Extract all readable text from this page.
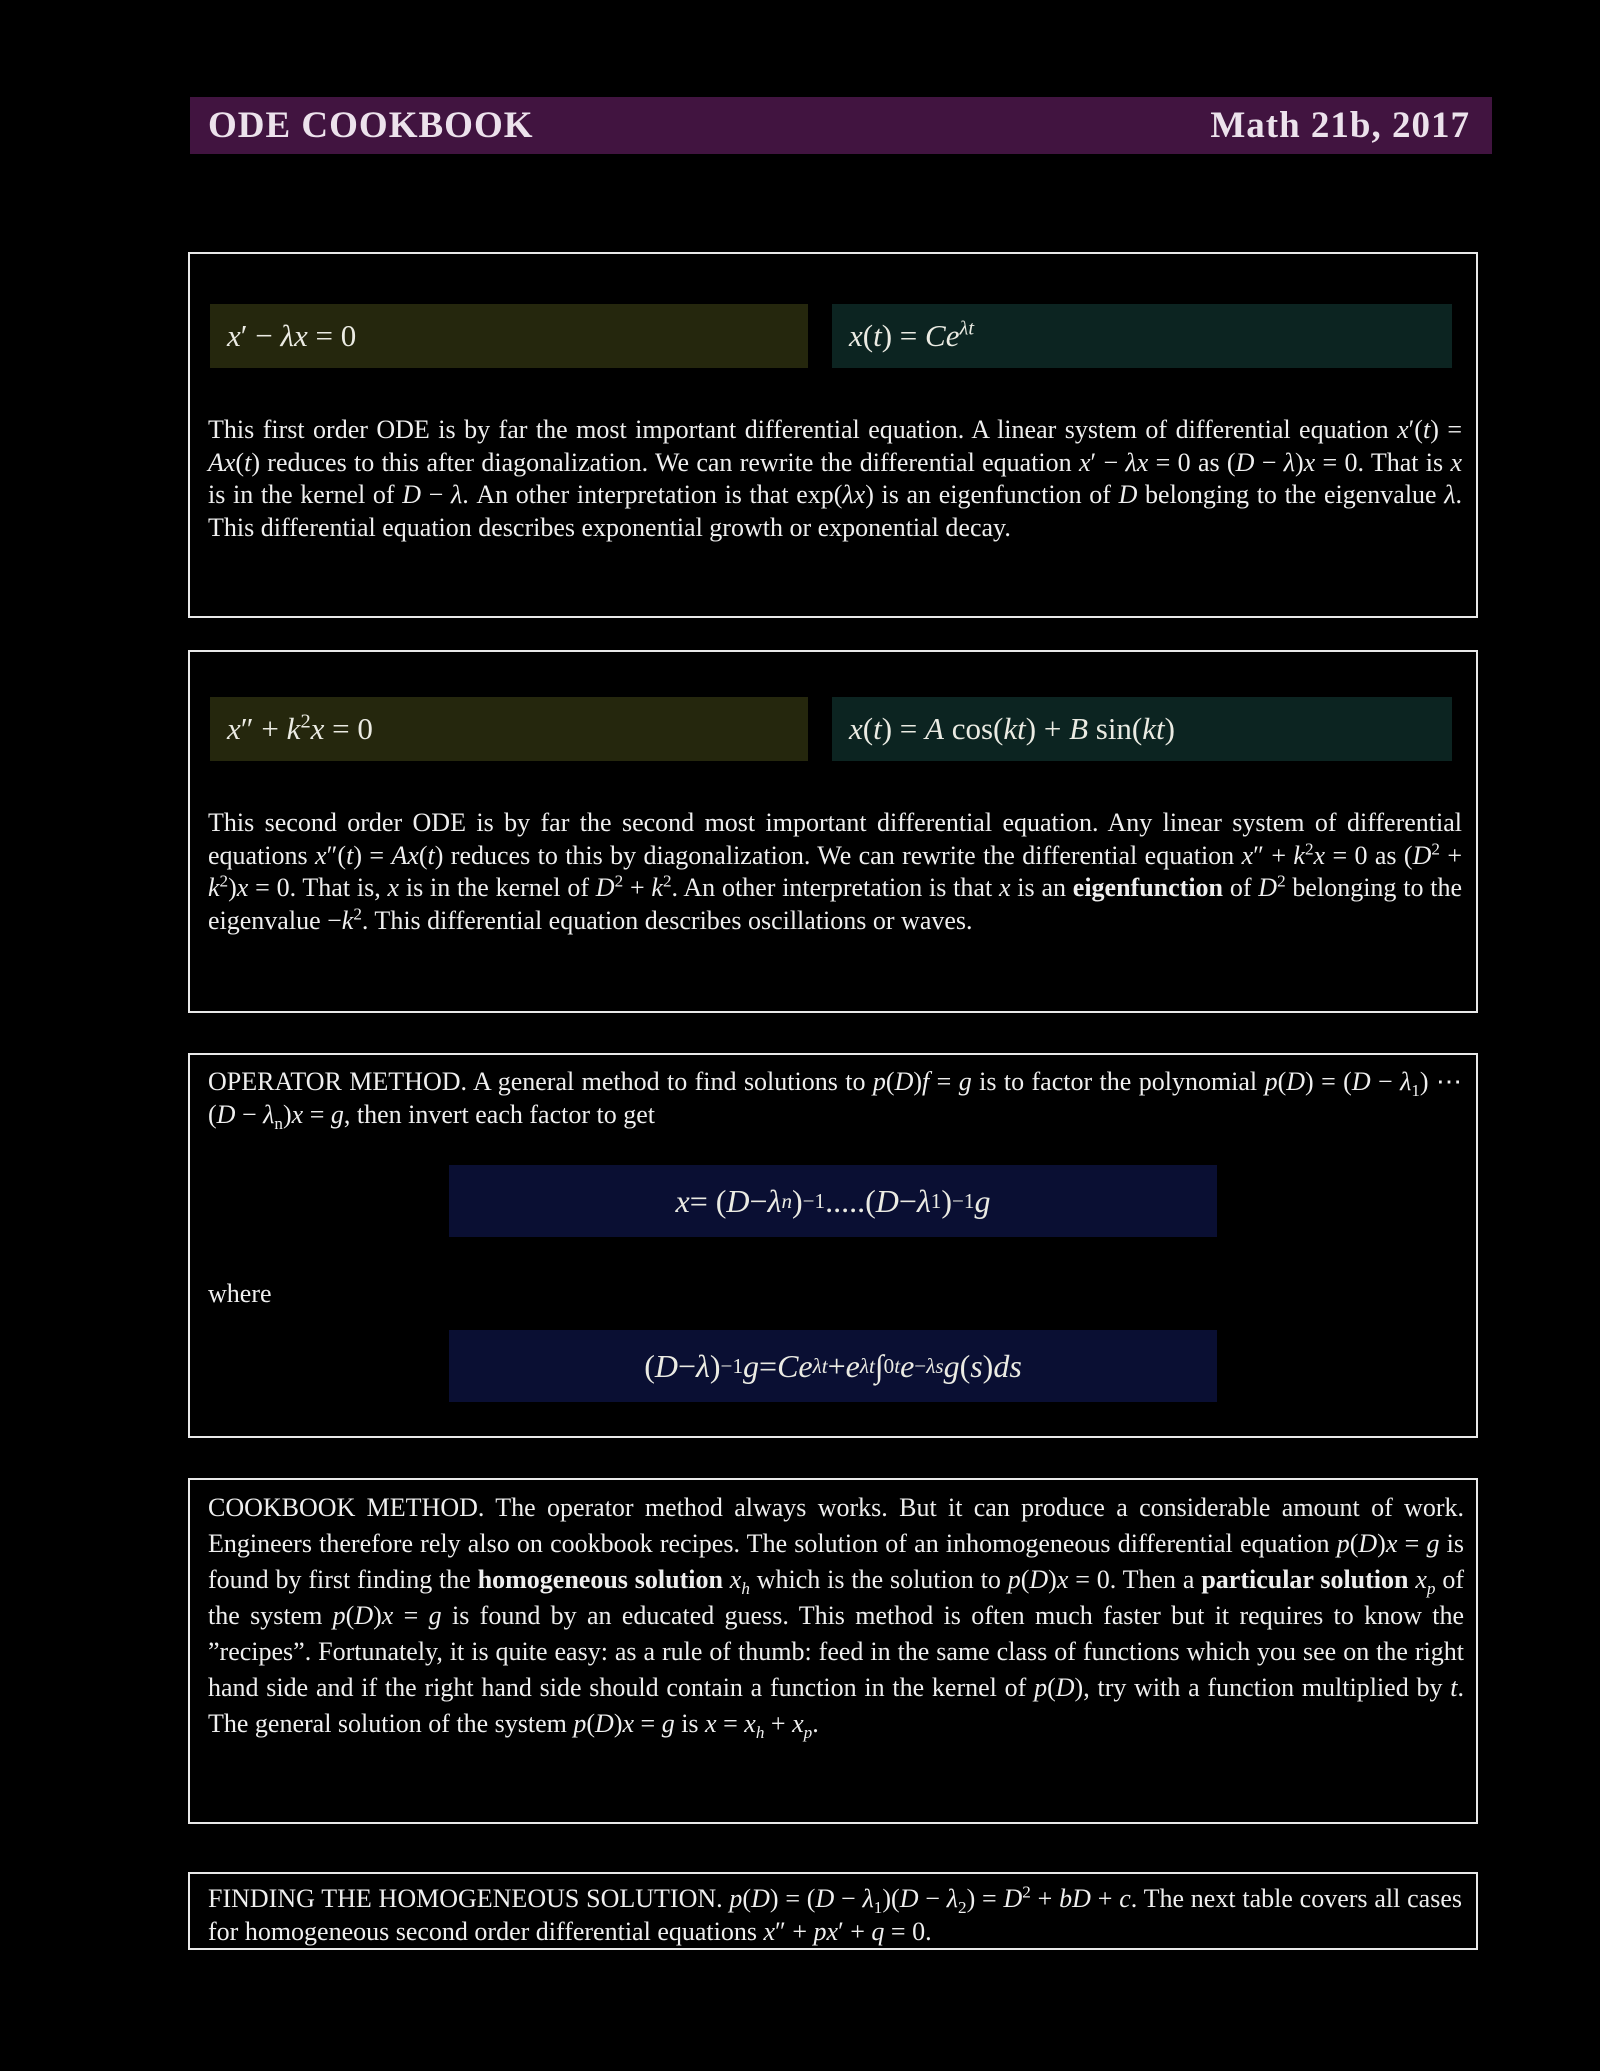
ODE COOKBOOK	Math 21b, 2017
x′ − λx = 0	$x(t) = Ce^{\lambda t}$
This first order ODE is by far the most important differential equation. A linear system of differential equation x′(t) = Ax(t) reduces to this after diagonalization. We can rewrite the differential equation x′ − λx = 0 as (D − λ)x = 0. That is x is in the kernel of D − λ. An other interpretation is that exp(λx) is an eigenfunction of D belonging to the eigenvalue λ. This differential equation describes exponential growth or exponential decay.
$x'' + k^2x = 0$	x(t) = A cos(kt) + B sin(kt)
This second order ODE is by far the second most important differential equation. Any linear system of differential equations x″(t) = Ax(t) reduces to this by diagonalization. We can rewrite the differential equation $x'' + k^2x = 0$ as $(D^2 + k^2)x = 0$. That is, x is in the kernel of $D^2 + k^2$. An other interpretation is that x is an eigenfunction of $D^2$ belonging to the eigenvalue $-k^2$. This differential equation describes oscillations or waves.
OPERATOR METHOD. A general method to find solutions to p(D)f = g is to factor the polynomial $p(D) = (D - \lambda_1)$ ⋯ $(D - \lambda_n)x = g$, then invert each factor to get
x = ( D − λ n ) −1 .....( D − λ 1 ) −1 g
where
( D − λ ) −1 g = Ce λt + e λt ∫ 0 t e −λs g ( s ) ds
COOKBOOK METHOD. The operator method always works. But it can produce a considerable amount of work. Engineers therefore rely also on cookbook recipes. The solution of an inhomogeneous differential equation p(D)x = g is found by first finding the homogeneous solution $x_h$ which is the solution to p(D)x = 0. Then a particular solution $x_p$ of the system p(D)x = g is found by an educated guess. This method is often much faster but it requires to know the ”recipes”. Fortunately, it is quite easy: as a rule of thumb: feed in the same class of functions which you see on the right hand side and if the right hand side should contain a function in the kernel of p(D), try with a function multiplied by t. The general solution of the system p(D)x = g is $x = x_h + x_p$.
FINDING THE HOMOGENEOUS SOLUTION. $p(D) = (D - \lambda_1)(D - \lambda_2) = D^2$ + bD + c. The next table covers all cases for homogeneous second order differential equations x″ + px′ + q = 0.
